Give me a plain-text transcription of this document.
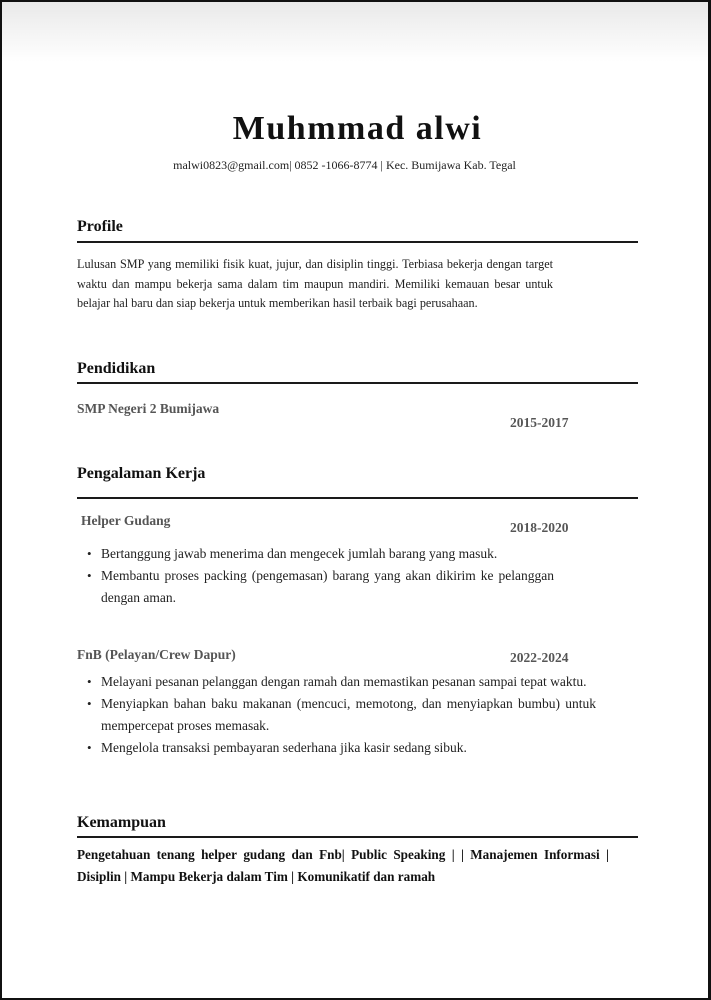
Muhmmad alwi
malwi0823@gmail.com| 0852 -1066-8774 | Kec. Bumijawa Kab. Tegal
Profile
Lulusan SMP yang memiliki fisik kuat, jujur, dan disiplin tinggi. Terbiasa bekerja dengan target waktu dan mampu bekerja sama dalam tim maupun mandiri. Memiliki kemauan besar untuk belajar hal baru dan siap bekerja untuk memberikan hasil terbaik bagi perusahaan.
Pendidikan
SMP Negeri 2 Bumijawa
2015-2017
Pengalaman Kerja
Helper Gudang	2018-2020
• Bertanggung jawab menerima dan mengecek jumlah barang yang masuk.
• Membantu proses packing (pengemasan) barang yang akan dikirim ke pelanggan dengan aman.
FnB (Pelayan/Crew Dapur)	2022-2024
• Melayani pesanan pelanggan dengan ramah dan memastikan pesanan sampai tepat waktu.
• Menyiapkan bahan baku makanan (mencuci, memotong, dan menyiapkan bumbu) untuk mempercepat proses memasak.
• Mengelola transaksi pembayaran sederhana jika kasir sedang sibuk.
Kemampuan
Pengetahuan tenang helper gudang dan Fnb| Public Speaking | | Manajemen Informasi |
Disiplin | Mampu Bekerja dalam Tim | Komunikatif dan ramah
